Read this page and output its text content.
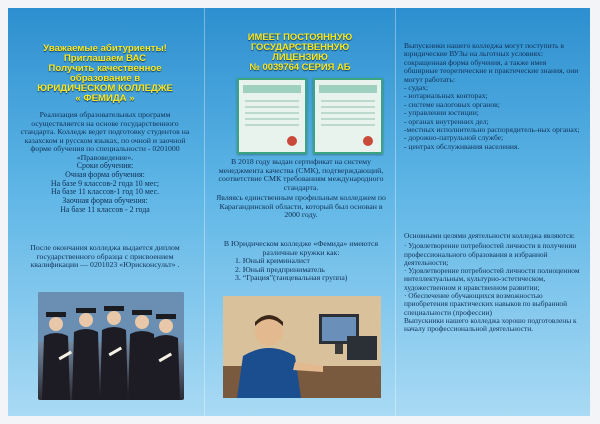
Уважаемые абитуриенты!
Приглашаем ВАС
Получить качественное
образование в
ЮРИДИЧЕСКОМ КОЛЛЕДЖЕ
« ФЕМИДА »
Реализация образовательных программ осуществляется на основе государственного стандарта. Колледж ведет подготовку студентов на казахском и русском языках, по очной и заочной форме обучения по специальности - 0201000 «Правоведение».
Сроки обучения:
Очная форма обучения:
На базе 9 классов-2 года 10 мес;
На базе 11 классов-1 год 10 мес.
Заочная форма обучения:
На базе 11 классов - 2 года
После окончания колледжа выдается диплом государственного образца с присвоением квалификации — 0201023 «Юрисконсульт» .
ИМЕЕТ ПОСТОЯННУЮ
ГОСУДАРСТВЕННУЮ
ЛИЦЕНЗИЮ
№ 0039764 СЕРИЯ АБ
В 2018 году выдан сертификат на систему менеджмента качества (СМК), подтверждающий, соответствие СМК требованиям международного стандарта.
Являясь единственным профильным колледжем по Карагандинской области, который был основан в 2000 году.
В Юридическом колледже «Фемида» имеются различные кружки как:
1. Юный криминалист
2. Юный предприниматель
3. “Грация”(танцевальная группа)
Выпускники нашего колледжа могут поступить в юридические ВУЗы на льготных условиях: сокращенная форма обучения, а также имея обширные теоретические и практические знания, они могут работать:
- судах;
- нотариальных конторах;
- системе налоговых органов;
- управлении юстиции;
- органах внутренних дел;
-местных исполнительно распорядитель-ных органах;
- дорожно-патрульной службе;
- центрах обслуживания населения.
Основными целями деятельности колледжа являются:
· Удовлетворение потребностей личности в получении профессионального образования в избранной деятельности;
· Удовлетворение потребностей личности полноценном интеллектуальным, культурно-эстетическом, художественном и нравственном развитии;
· Обеспечение обучающихся возможностью приобретения практических навыков по выбранной специальности (профессии)
Выпускники нашего колледжа хорошо подготовлены к началу профессиональной деятельности.
